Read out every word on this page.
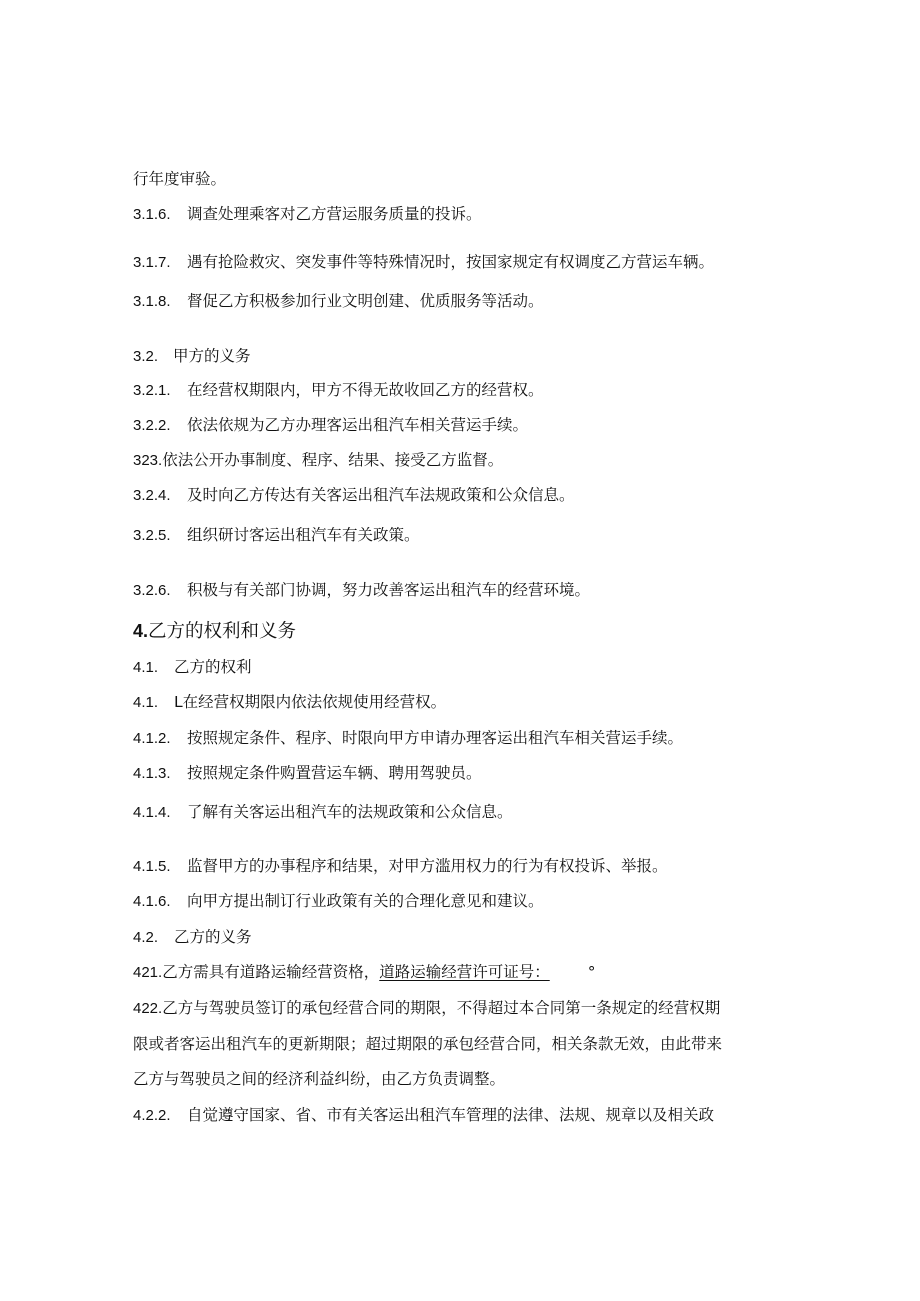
行年度审验。
3.1.6. 调查处理乘客对乙方营运服务质量的投诉。
3.1.7. 遇有抢险救灾、突发事件等特殊情况时，按国家规定有权调度乙方营运车辆。
3.1.8. 督促乙方积极参加行业文明创建、优质服务等活动。
3.2. 甲方的义务
3.2.1. 在经营权期限内，甲方不得无故收回乙方的经营权。
3.2.2. 依法依规为乙方办理客运出租汽车相关营运手续。
323.依法公开办事制度、程序、结果、接受乙方监督。
3.2.4. 及时向乙方传达有关客运出租汽车法规政策和公众信息。
3.2.5. 组织研讨客运出租汽车有关政策。
3.2.6. 积极与有关部门协调，努力改善客运出租汽车的经营环境。
4.乙方的权利和义务
4.1. 乙方的权利
4.1. L在经营权期限内依法依规使用经营权。
4.1.2. 按照规定条件、程序、时限向甲方申请办理客运出租汽车相关营运手续。
4.1.3. 按照规定条件购置营运车辆、聘用驾驶员。
4.1.4. 了解有关客运出租汽车的法规政策和公众信息。
4.1.5. 监督甲方的办事程序和结果，对甲方滥用权力的行为有权投诉、举报。
4.1.6. 向甲方提出制订行业政策有关的合理化意见和建议。
4.2. 乙方的义务
421.乙方需具有道路运输经营资格，道路运输经营许可证号： °
422.乙方与驾驶员签订的承包经营合同的期限，不得超过本合同第一条规定的经营权期
限或者客运出租汽车的更新期限；超过期限的承包经营合同，相关条款无效，由此带来
乙方与驾驶员之间的经济利益纠纷，由乙方负责调整。
4.2.2. 自觉遵守国家、省、市有关客运出租汽车管理的法律、法规、规章以及相关政
